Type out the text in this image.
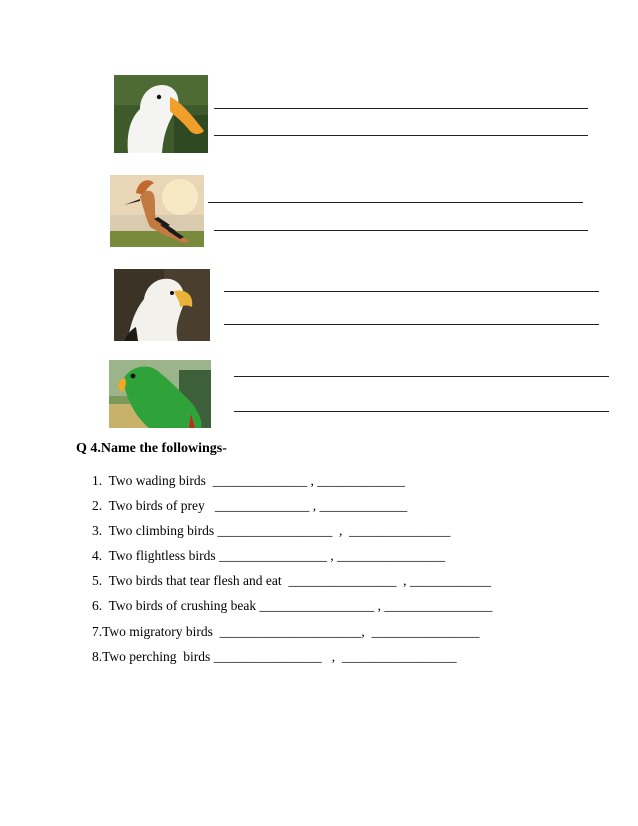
Q 4.Name the followings-
1.  Two wading birds  ______________ , _____________
2.  Two birds of prey   ______________ , _____________
3.  Two climbing birds _________________  ,  _______________
4.  Two flightless birds ________________ , ________________
5.  Two birds that tear flesh and eat  ________________  , ____________
6.  Two birds of crushing beak _________________ , ________________
7.Two migratory birds  _____________________,  ________________
8.Two perching  birds ________________   ,  _________________
